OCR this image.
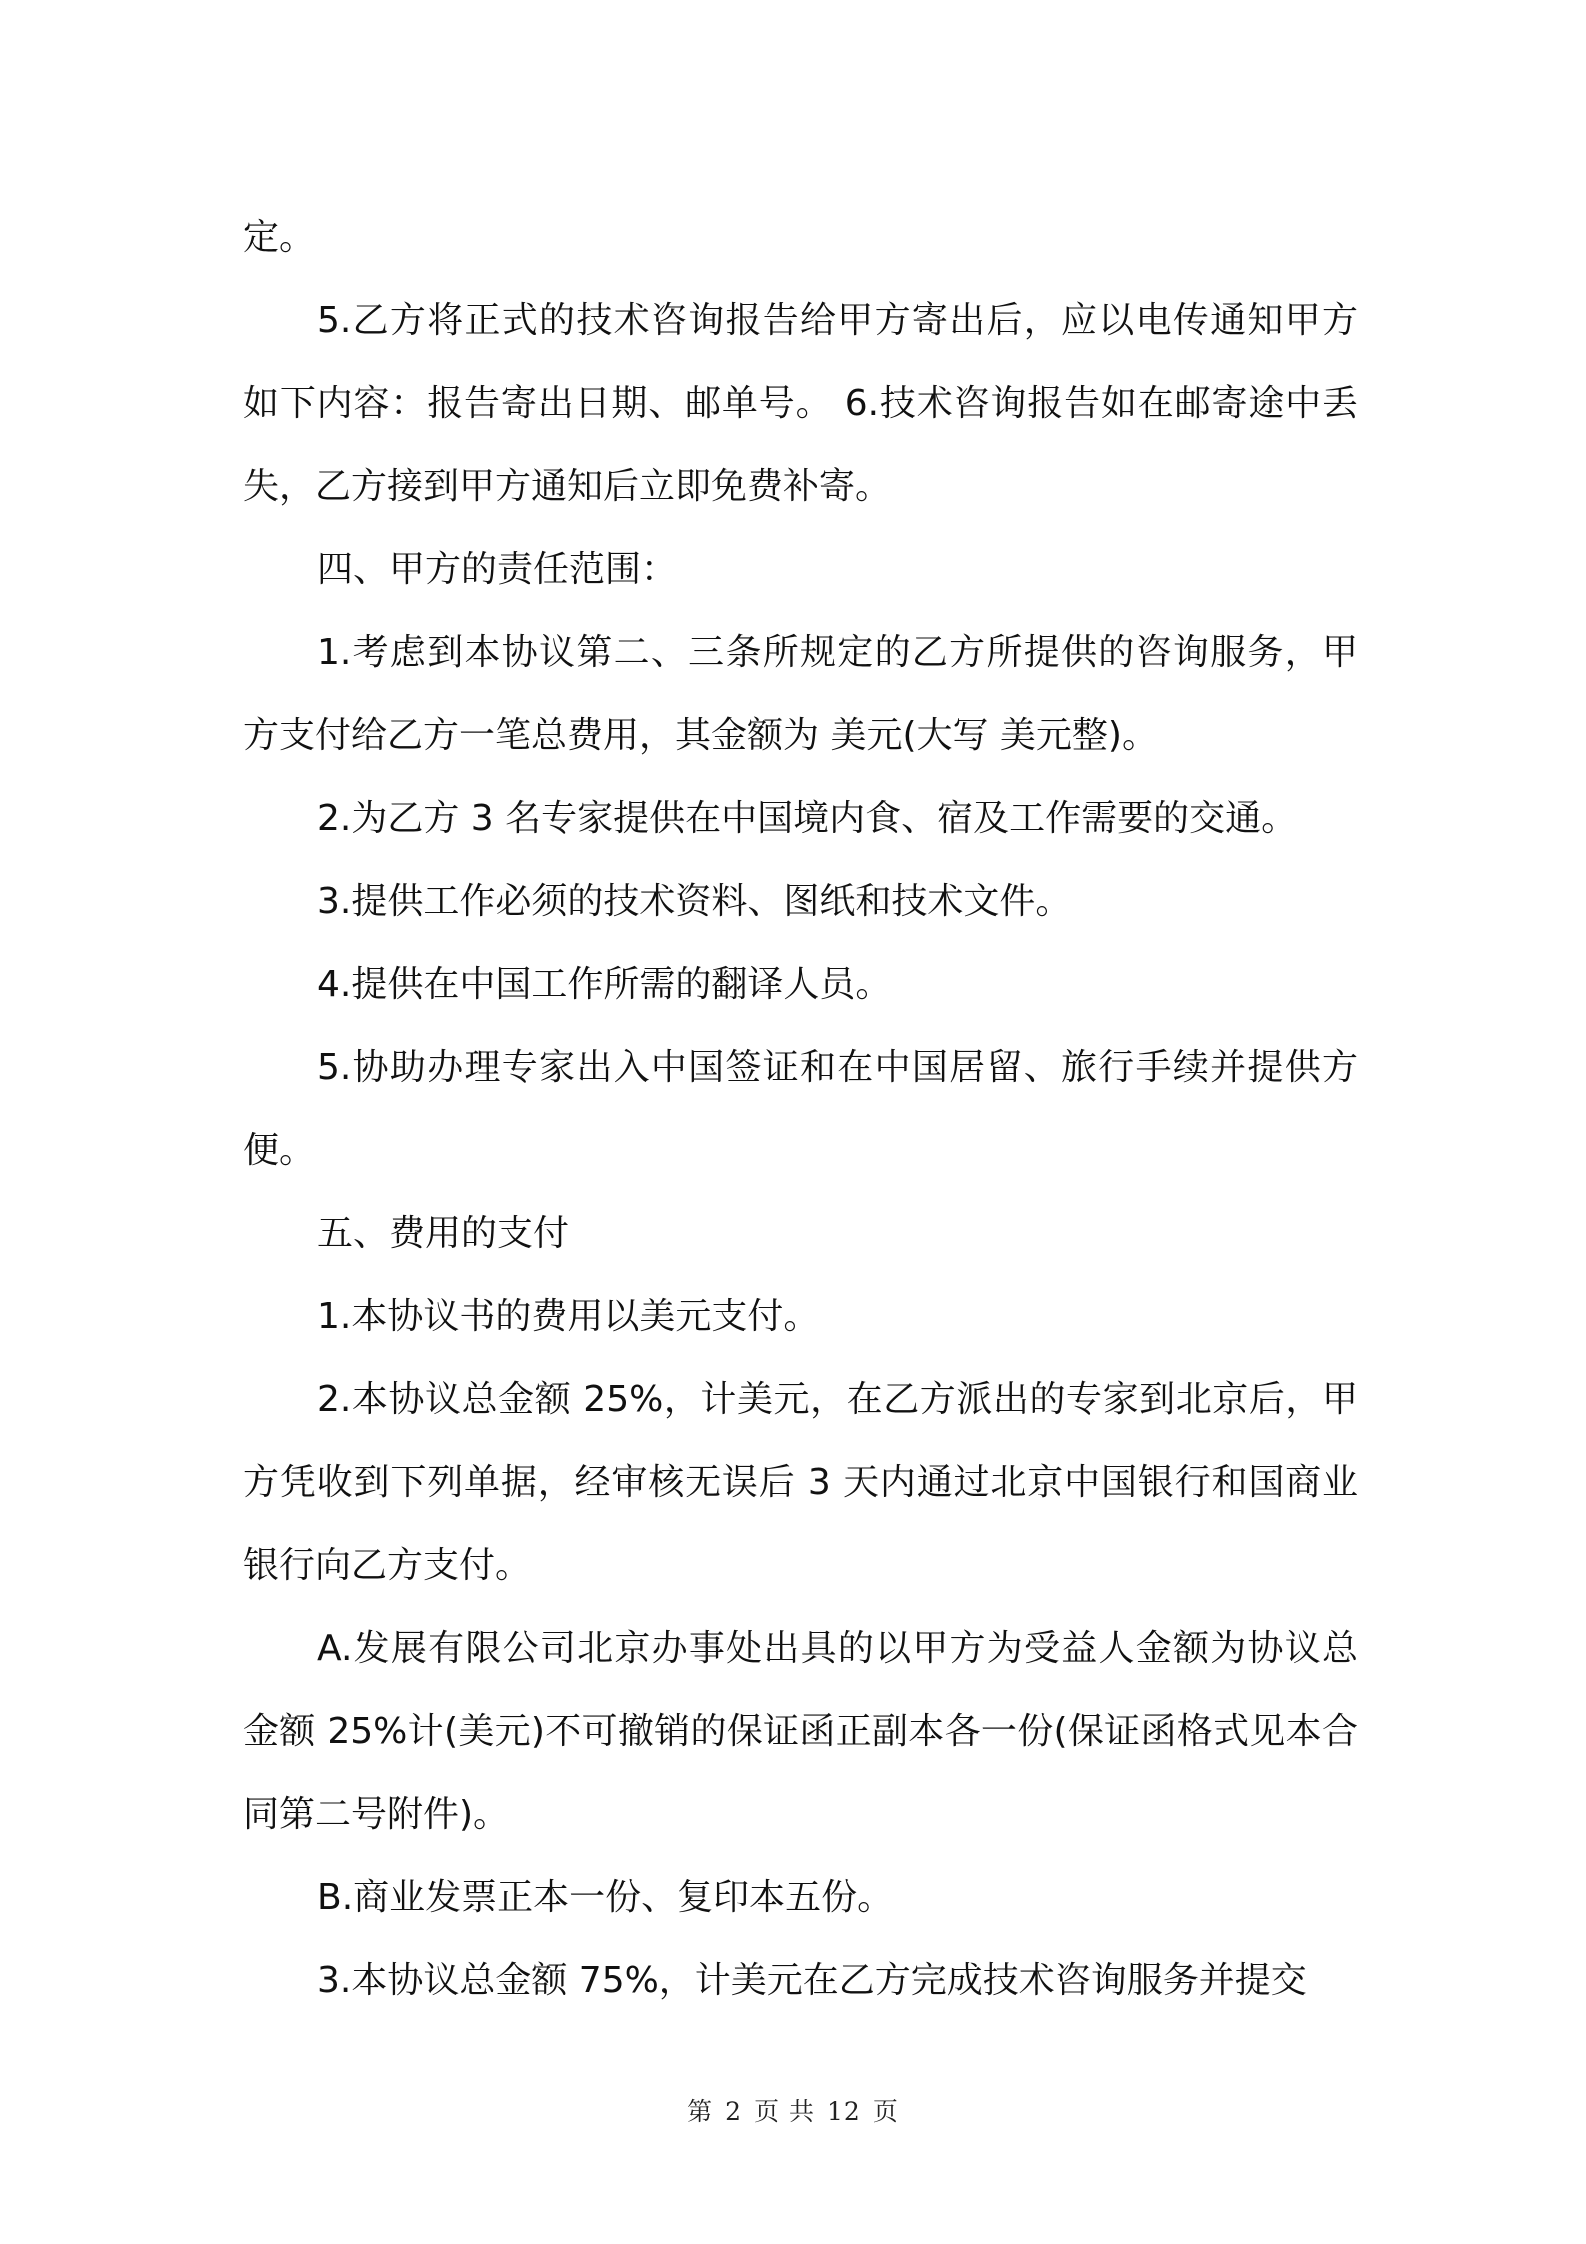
定。

5.乙方将正式的技术咨询报告给甲方寄出后，应以电传通知甲方如下内容：报告寄出日期、邮单号。 6.技术咨询报告如在邮寄途中丢失，乙方接到甲方通知后立即免费补寄。

四、甲方的责任范围：

1.考虑到本协议第二、三条所规定的乙方所提供的咨询服务，甲方支付给乙方一笔总费用，其金额为 美元(大写 美元整)。

2.为乙方 3 名专家提供在中国境内食、宿及工作需要的交通。

3.提供工作必须的技术资料、图纸和技术文件。

4.提供在中国工作所需的翻译人员。

5.协助办理专家出入中国签证和在中国居留、旅行手续并提供方便。

五、费用的支付

1.本协议书的费用以美元支付。

2.本协议总金额 25%，计美元，在乙方派出的专家到北京后，甲方凭收到下列单据，经审核无误后 3 天内通过北京中国银行和国商业银行向乙方支付。

A.发展有限公司北京办事处出具的以甲方为受益人金额为协议总金额 25%计(美元)不可撤销的保证函正副本各一份(保证函格式见本合同第二号附件)。

B.商业发票正本一份、复印本五份。

3.本协议总金额 75%，计美元在乙方完成技术咨询服务并提交

第 2 页 共 12 页
